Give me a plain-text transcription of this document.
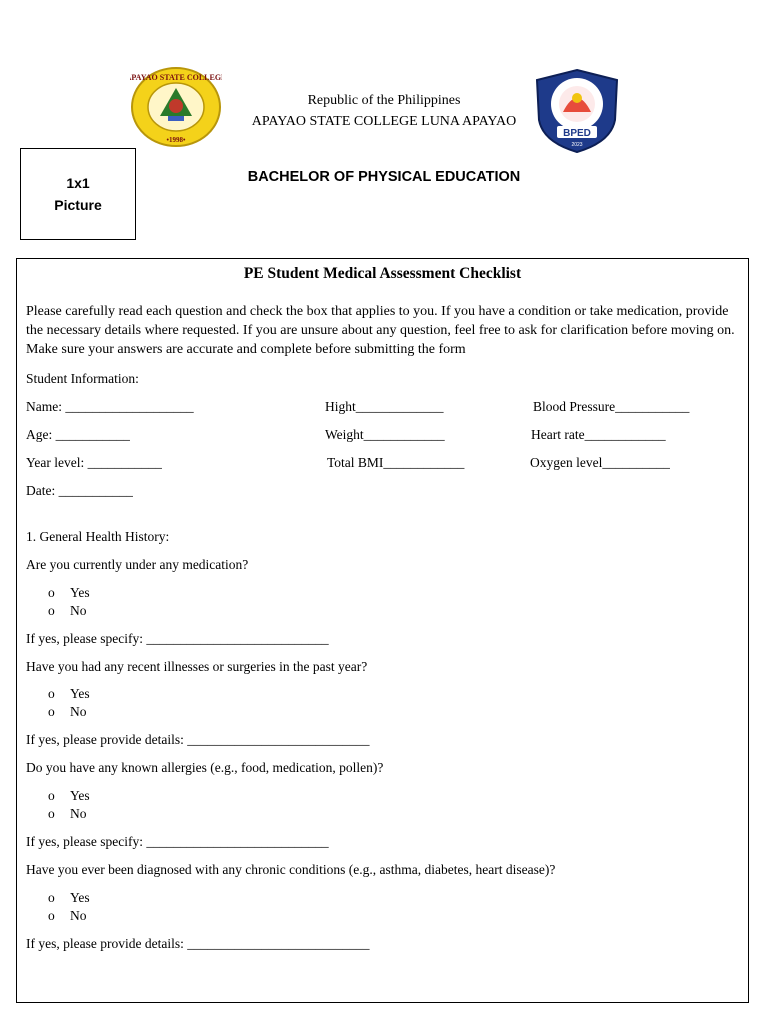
APAYAO STATE COLLEGE
•1998•
Republic of the Philippines
APAYAO STATE COLLEGE LUNA APAYAO
BPED
2023
BACHELOR OF PHYSICAL EDUCATION
1x1
Picture
PE Student Medical Assessment Checklist
Please carefully read each question and check the box that applies to you. If you have a condition or take medication, provide the necessary details where requested. If you are unsure about any question, feel free to ask for clarification before moving on. Make sure your answers are accurate and complete before submitting the form
Student Information:
Name: ___________________	Hight_____________	Blood Pressure___________
Age: ___________	Weight____________	Heart rate____________
Year level: ___________	Total BMI____________	Oxygen level__________
Date: ___________
1. General Health History:
Are you currently under any medication?
o Yes
o No
If yes, please specify: ___________________________
Have you had any recent illnesses or surgeries in the past year?
o Yes
o No
If yes, please provide details: ___________________________
Do you have any known allergies (e.g., food, medication, pollen)?
o Yes
o No
If yes, please specify: ___________________________
Have you ever been diagnosed with any chronic conditions (e.g., asthma, diabetes, heart disease)?
o Yes
o No
If yes, please provide details: ___________________________
